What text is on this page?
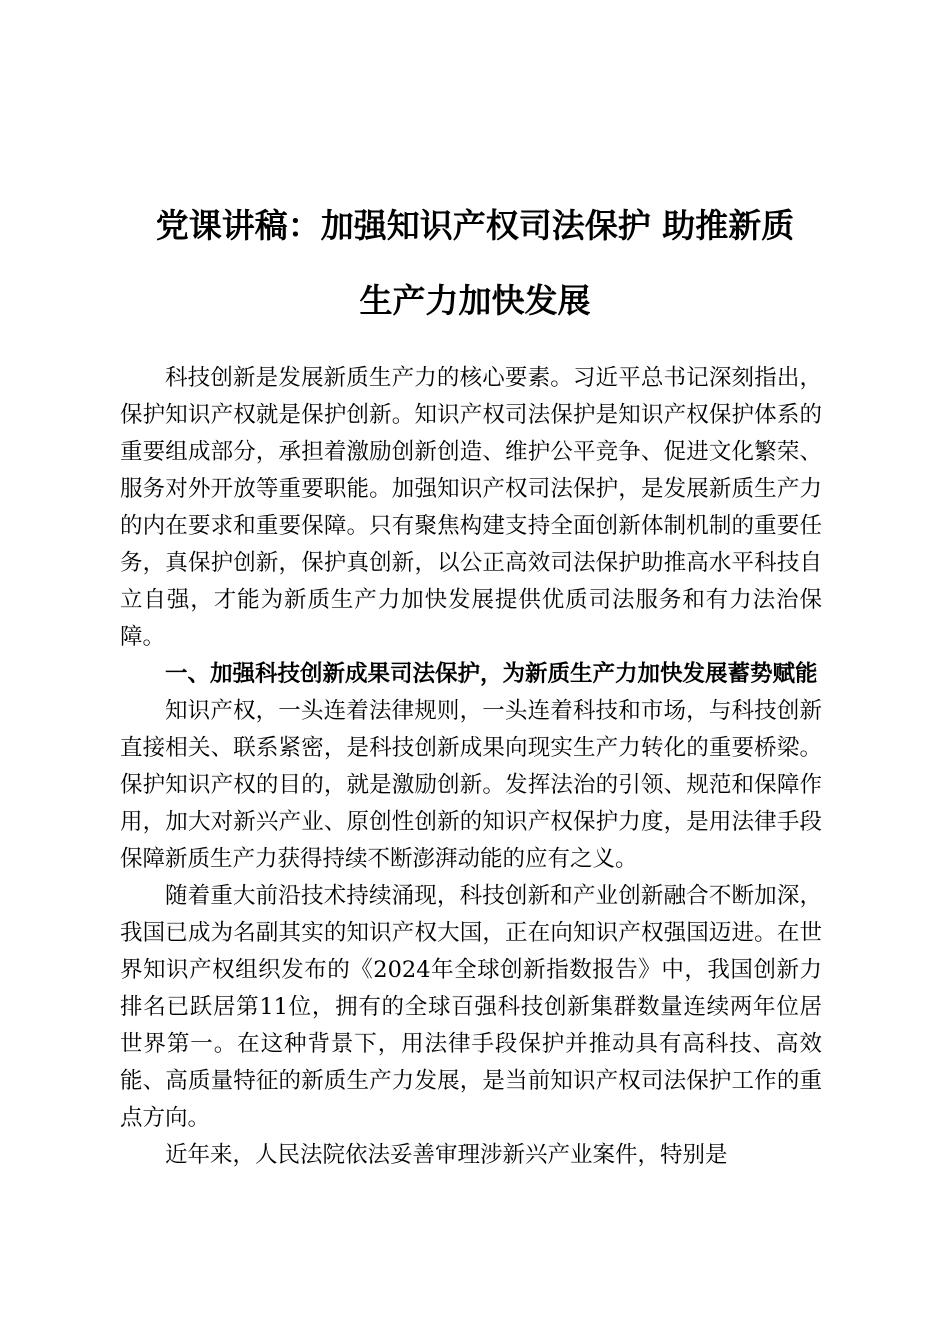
党课讲稿：加强知识产权司法保护 助推新质
生产力加快发展

科技创新是发展新质生产力的核心要素。习近平总书记深刻指出，保护知识产权就是保护创新。知识产权司法保护是知识产权保护体系的重要组成部分，承担着激励创新创造、维护公平竞争、促进文化繁荣、服务对外开放等重要职能。加强知识产权司法保护，是发展新质生产力的内在要求和重要保障。只有聚焦构建支持全面创新体制机制的重要任务，真保护创新，保护真创新，以公正高效司法保护助推高水平科技自立自强，才能为新质生产力加快发展提供优质司法服务和有力法治保障。

一、加强科技创新成果司法保护，为新质生产力加快发展蓄势赋能

知识产权，一头连着法律规则，一头连着科技和市场，与科技创新直接相关、联系紧密，是科技创新成果向现实生产力转化的重要桥梁。保护知识产权的目的，就是激励创新。发挥法治的引领、规范和保障作用，加大对新兴产业、原创性创新的知识产权保护力度，是用法律手段保障新质生产力获得持续不断澎湃动能的应有之义。

随着重大前沿技术持续涌现，科技创新和产业创新融合不断加深，我国已成为名副其实的知识产权大国，正在向知识产权强国迈进。在世界知识产权组织发布的《2024年全球创新指数报告》中，我国创新力排名已跃居第11位，拥有的全球百强科技创新集群数量连续两年位居世界第一。在这种背景下，用法律手段保护并推动具有高科技、高效能、高质量特征的新质生产力发展，是当前知识产权司法保护工作的重点方向。

近年来，人民法院依法妥善审理涉新兴产业案件，特别是
